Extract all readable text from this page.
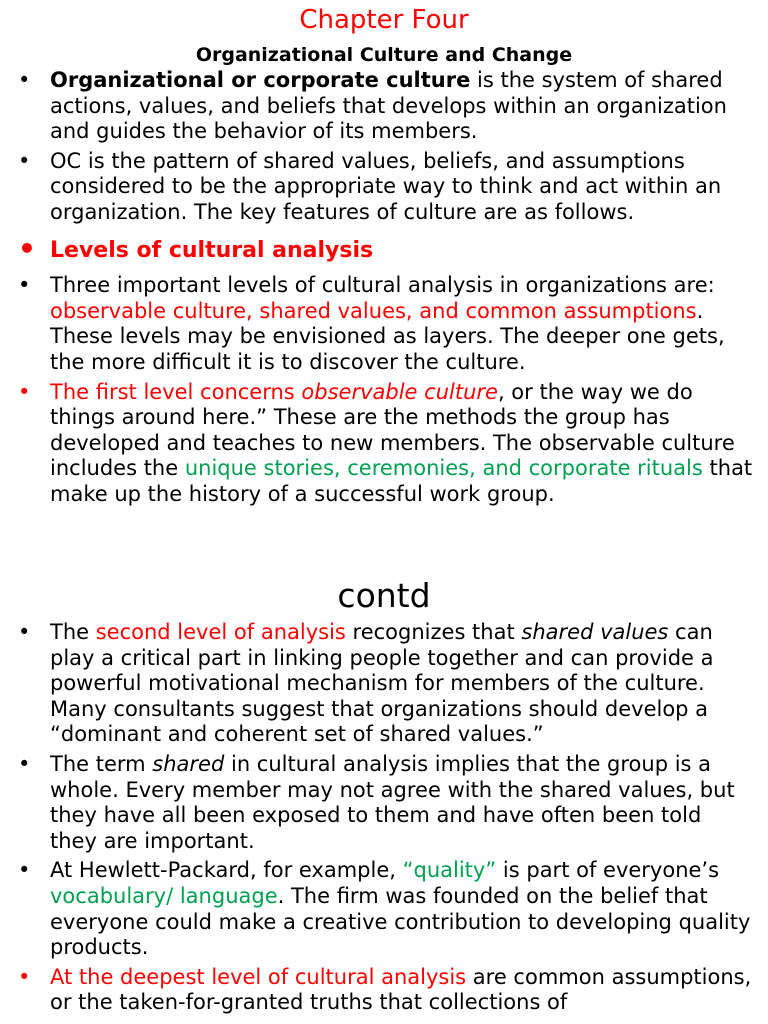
Chapter Four
Organizational Culture and Change
• Organizational or corporate culture is the system of shared actions, values, and beliefs that develops within an organization and guides the behavior of its members.
• OC is the pattern of shared values, beliefs, and assumptions considered to be the appropriate way to think and act within an organization. The key features of culture are as follows.
• Levels of cultural analysis
• Three important levels of cultural analysis in organizations are: observable culture, shared values, and common assumptions. These levels may be envisioned as layers. The deeper one gets, the more difficult it is to discover the culture.
• The first level concerns observable culture, or the way we do things around here.” These are the methods the group has developed and teaches to new members. The observable culture includes the unique stories, ceremonies, and corporate rituals that make up the history of a successful work group.
contd
• The second level of analysis recognizes that shared values can play a critical part in linking people together and can provide a powerful motivational mechanism for members of the culture. Many consultants suggest that organizations should develop a “dominant and coherent set of shared values.”
• The term shared in cultural analysis implies that the group is a whole. Every member may not agree with the shared values, but they have all been exposed to them and have often been told they are important.
• At Hewlett-Packard, for example, “quality” is part of everyone’s vocabulary/ language. The firm was founded on the belief that everyone could make a creative contribution to developing quality products.
• At the deepest level of cultural analysis are common assumptions, or the taken-for-granted truths that collections of
